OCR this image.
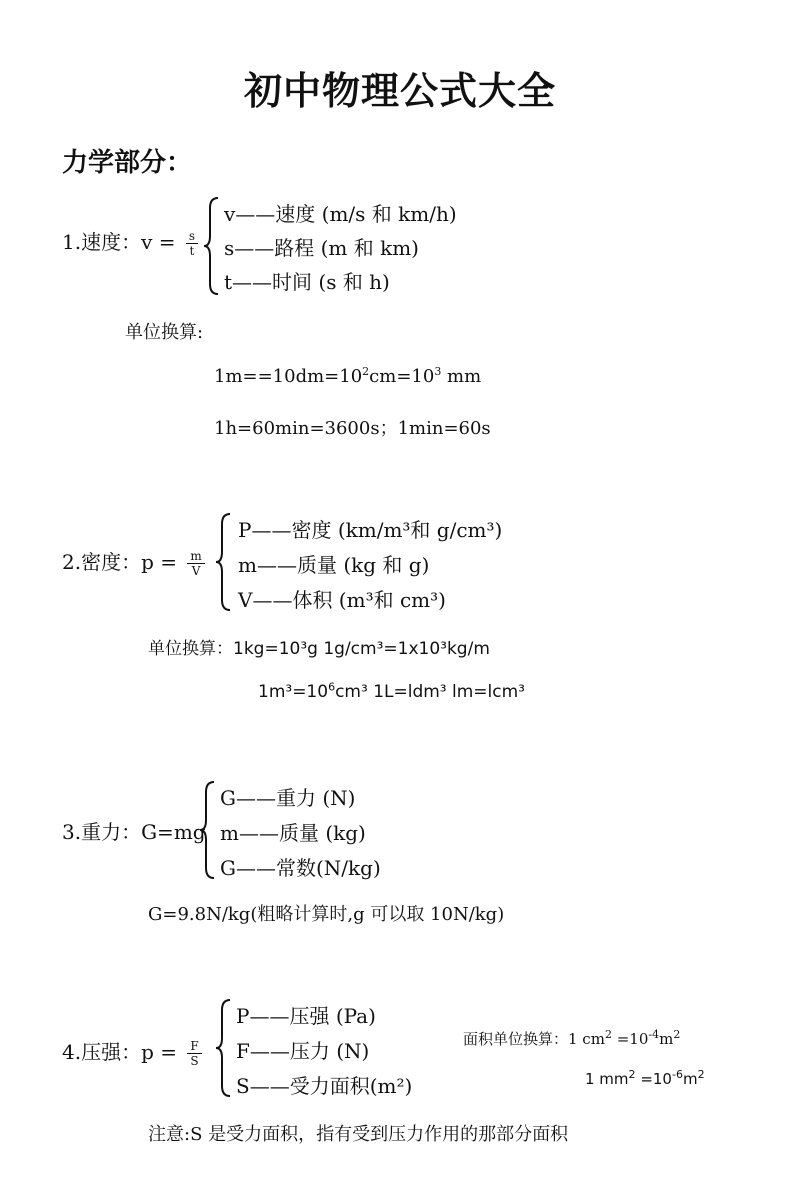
初中物理公式大全
力学部分：
1.速度：$v = \frac{s}{t}$
v——速度 (m/s 和 km/h)
s——路程 (m 和 km)
t——时间 (s 和 h)
单位换算:
$1m==10dm=10^2cm=10^3$ mm
1h=60min=3600s；1min=60s
2.密度：$p = \frac{m}{V}$
P——密度 (km/m³和 g/cm³)
m——质量 (kg 和 g)
V——体积 (m³和 cm³)
单位换算：1kg=10³g 1g/cm³=1x10³kg/m
$1m^3=10^6cm^3$ 1L=ldm³ lm=lcm³
3.重力：G=mg
G——重力 (N)
m——质量 (kg)
G——常数(N/kg)
G=9.8N/kg(粗略计算时,g 可以取 10N/kg)
4.压强：$p = \frac{F}{S}$
P——压强 (Pa)
F——压力 (N)
S——受力面积(m²)
面积单位换算：1 $cm^2 =10^{-4}m^2$
1 $mm^2 =10^{-6}m^2$
注意:S 是受力面积，指有受到压力作用的那部分面积
